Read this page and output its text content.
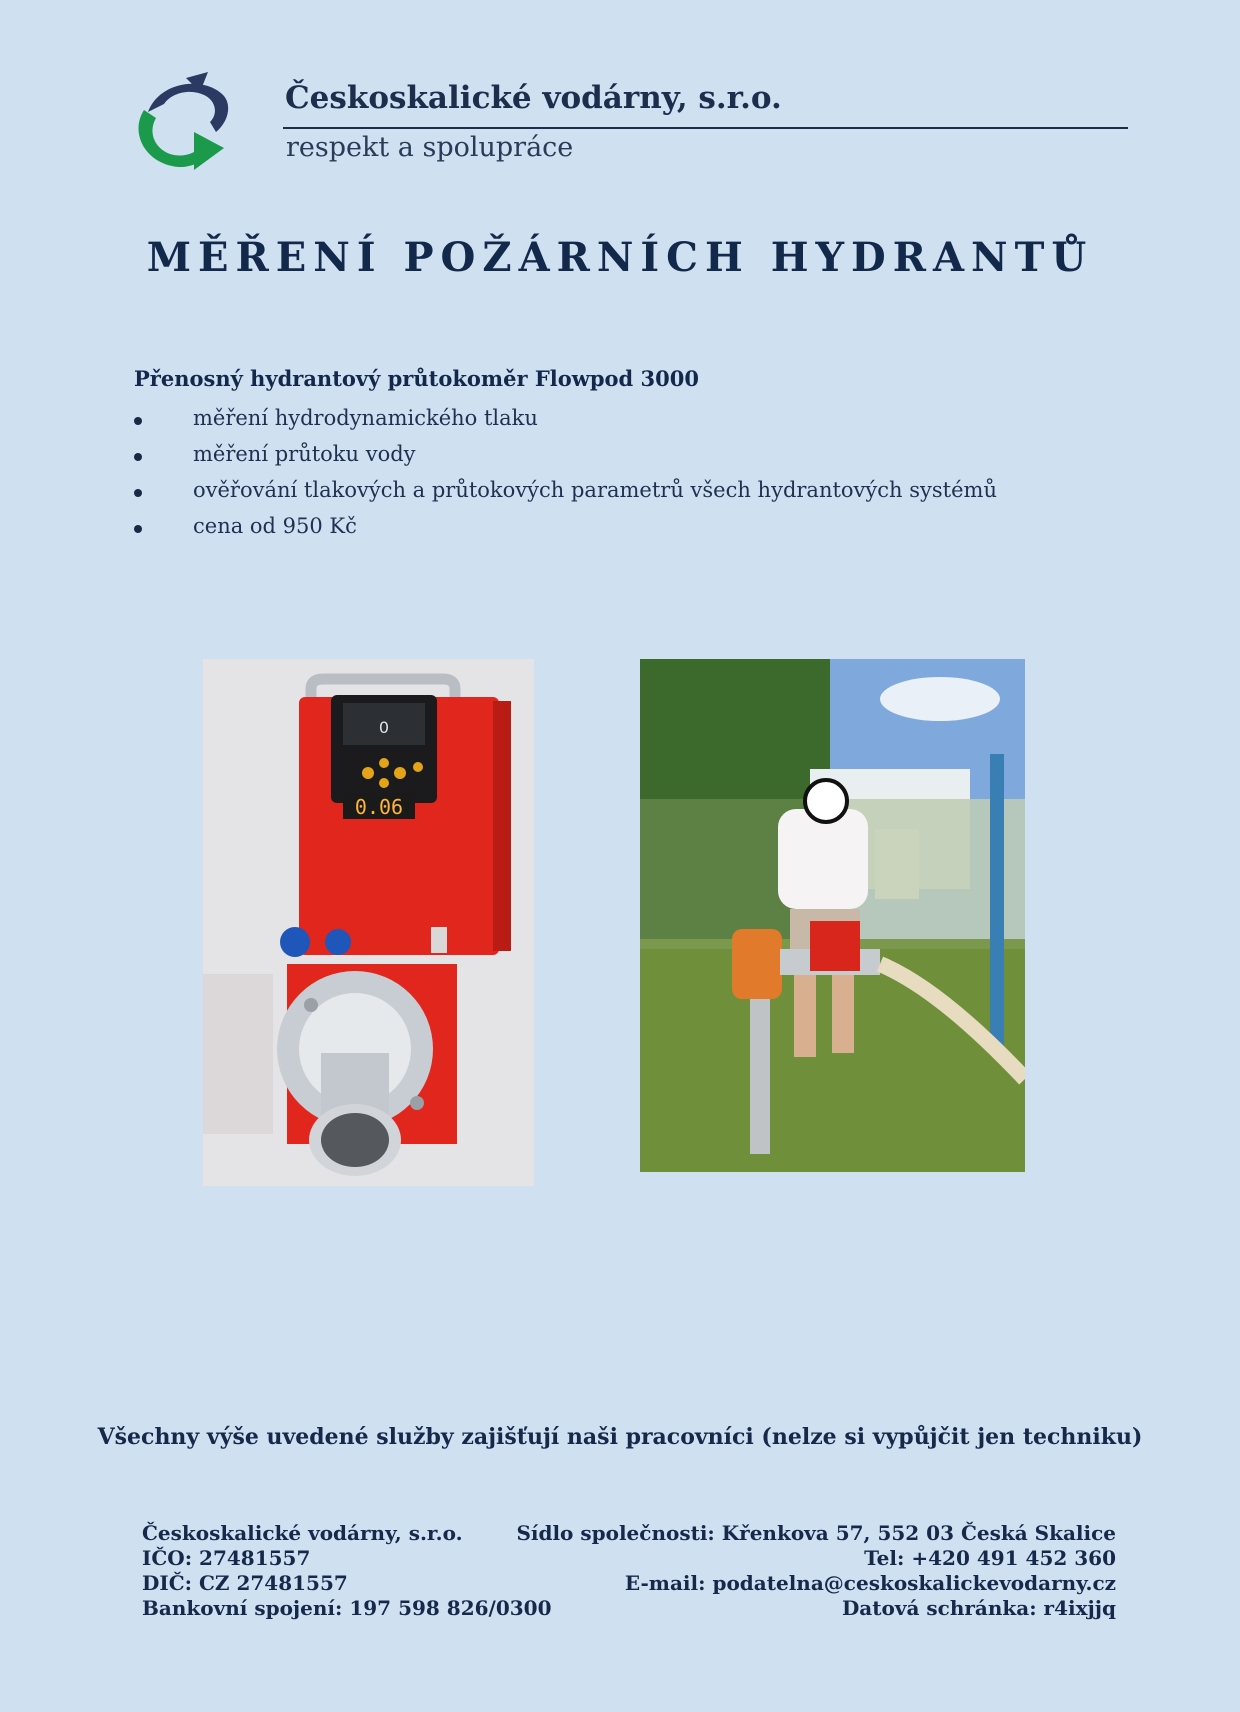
Českoskalické vodárny, s.r.o.
respekt a spolupráce
MĚŘENÍ POŽÁRNÍCH HYDRANTŮ
Přenosný hydrantový průtokoměr Flowpod 3000
měření hydrodynamického tlaku
měření průtoku vody
ověřování tlakových a průtokových parametrů všech hydrantových systémů
cena od 950 Kč
0
0.06
Všechny výše uvedené služby zajišťují naši pracovníci (nelze si vypůjčit jen techniku)
Českoskalické vodárny, s.r.o.
IČO: 27481557
DIČ: CZ 27481557
Bankovní spojení: 197 598 826/0300
Sídlo společnosti: Křenkova 57, 552 03 Česká Skalice
Tel: +420 491 452 360
E-mail: podatelna@ceskoskalickevodarny.cz
Datová schránka: r4ixjjq
